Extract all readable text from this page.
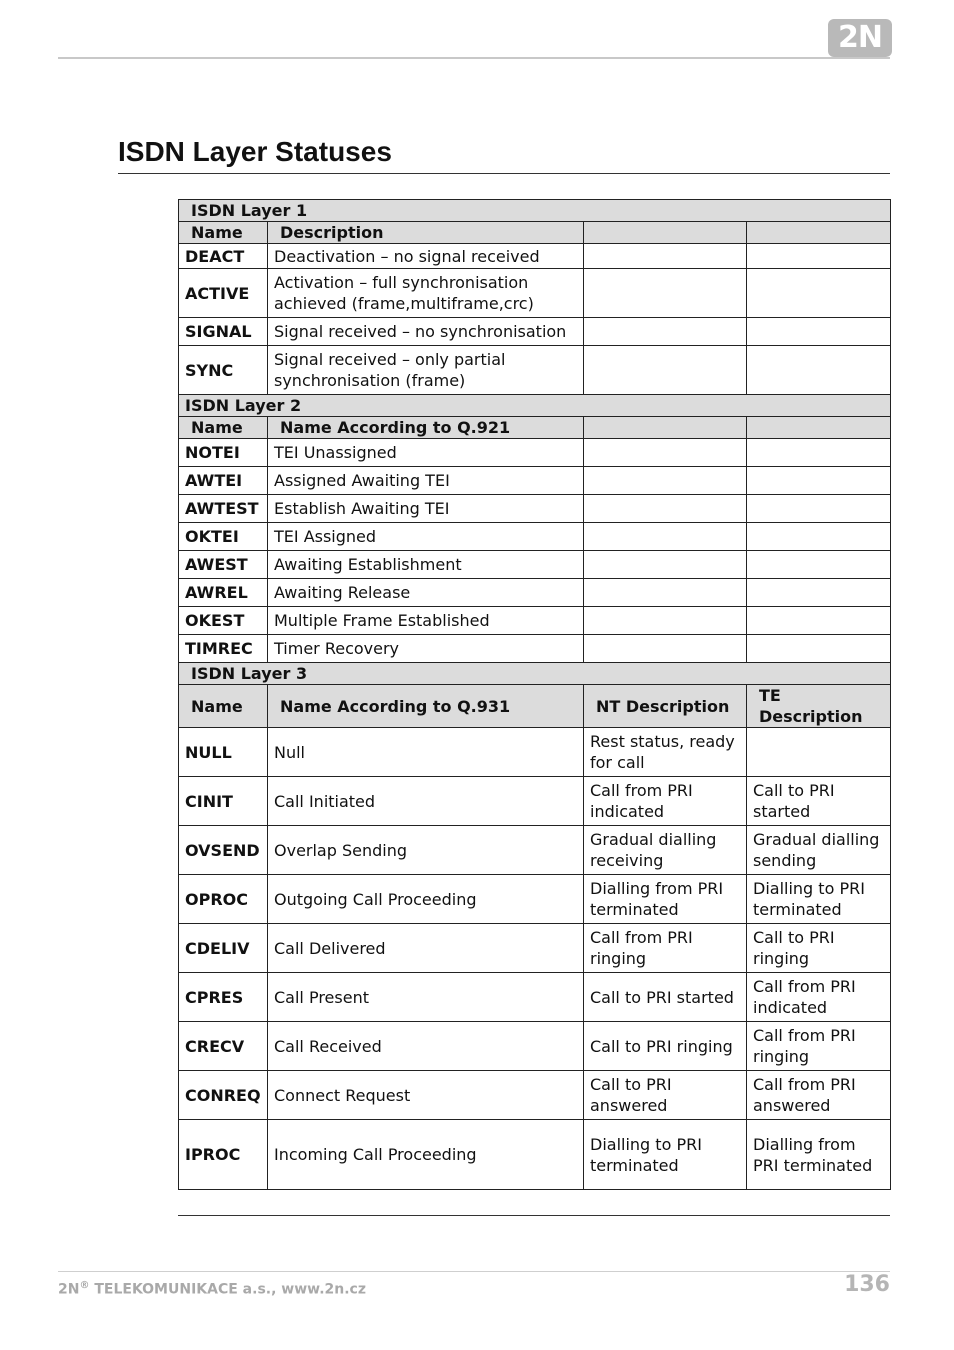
2N
ISDN Layer Statuses
ISDN Layer 1			
Name	Description		
DEACT	Deactivation – no signal received		
ACTIVE	Activation – full synchronisation achieved (frame,multiframe,crc)		
SIGNAL	Signal received – no synchronisation		
SYNC	Signal received – only partial synchronisation (frame)		
ISDN Layer 2			
Name	Name According to Q.921		
NOTEI	TEI Unassigned		
AWTEI	Assigned Awaiting TEI		
AWTEST	Establish Awaiting TEI		
OKTEI	TEI Assigned		
AWEST	Awaiting Establishment		
AWREL	Awaiting Release		
OKEST	Multiple Frame Established		
TIMREC	Timer Recovery		
ISDN Layer 3			
Name	Name According to Q.931	NT Description	TE Description
NULL	Null	Rest status, ready for call	
CINIT	Call Initiated	Call from PRI indicated	Call to PRI started
OVSEND	Overlap Sending	Gradual dialling receiving	Gradual dialling sending
OPROC	Outgoing Call Proceeding	Dialling from PRI terminated	Dialling to PRI terminated
CDELIV	Call Delivered	Call from PRI ringing	Call to PRI ringing
CPRES	Call Present	Call to PRI started	Call from PRI indicated
CRECV	Call Received	Call to PRI ringing	Call from PRI ringing
CONREQ	Connect Request	Call to PRI answered	Call from PRI answered
IPROC	Incoming Call Proceeding	Dialling to PRI terminated	Dialling from PRI terminated
2N® TELEKOMUNIKACE a.s., www.2n.cz	136
